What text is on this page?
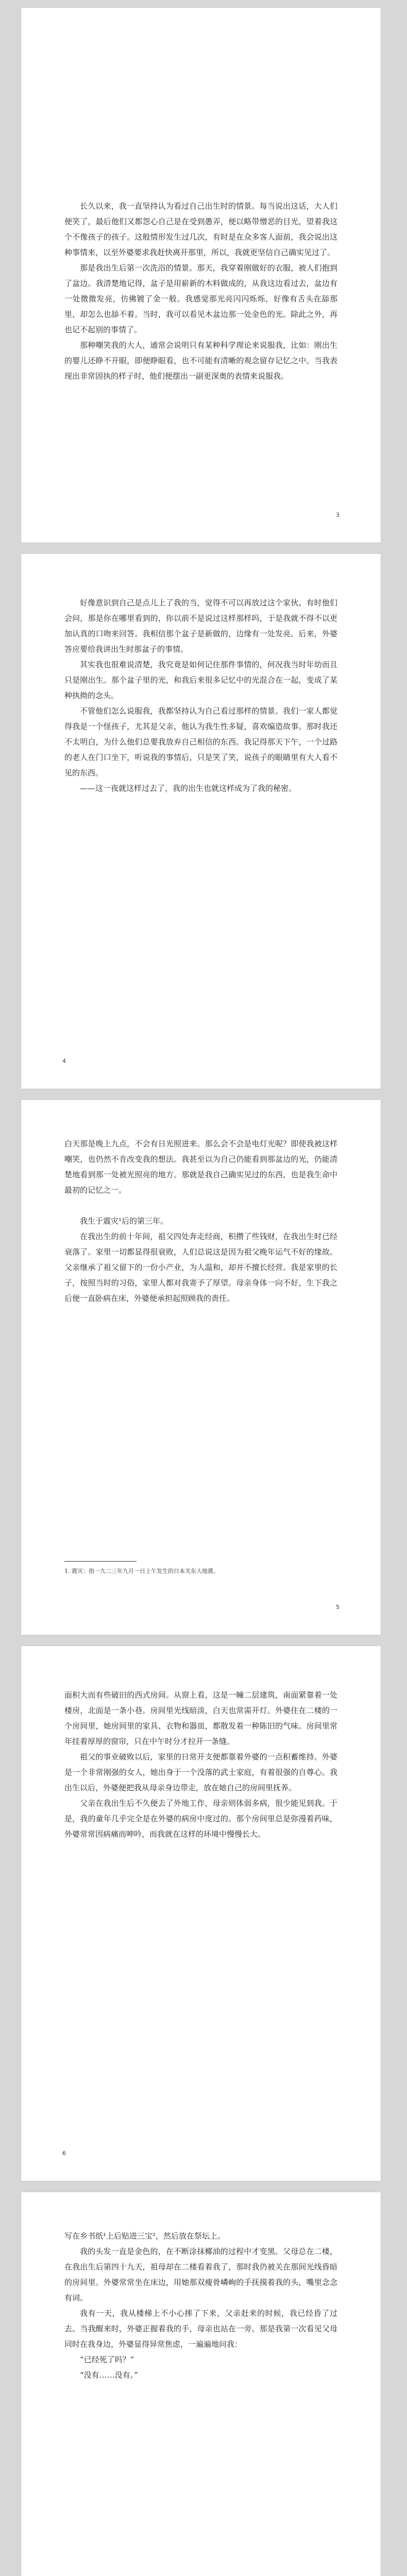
长久以来，我一直坚持认为看过自己出生时的情景。每当说出这话，大人们便笑了，最后他们又都怨心自己是在受到愚弄，便以略带憎恶的目光，望着我这个不像孩子的孩子。这般情形发生过几次，有时是在众多客人面前，我会说出这种事情来，以至外婆要求我赶快离开那里，所以，我就更坚信自己确实见过了。

那是我出生后第一次洗浴的情景。那天，我穿着刚做好的衣服，被人们抱到了盆边。我清楚地记得，盆子是用崭新的木料做成的，从我这边看过去，盆边有一处微微发亮，仿佛镀了金一般。我感觉那光亮闪闪烁烁，好像有舌头在舔那里，却怎么也舔不着。当时，我可以看见木盆边那一处金色的光。除此之外，再也记不起别的事情了。

那种嘲笑我的大人，通常会说明只有某种科学理论来说服我，比如：刚出生的婴儿还睁不开眼，即便睁眼看，也不可能有清晰的观念留存记忆之中。当我表现出非常固执的样子时，他们便摆出一副更深奥的表情来说服我。

3

好像意识到自己是点儿上了我的当，觉得不可以再放过这个家伙。有时他们会问，那是你在哪里看到的，你以前不是说过这样那样吗，于是我就不得不以更加认真的口吻来回答。我相信那个盆子是新做的，边缘有一处发亮。后来，外婆答应要给我讲出生时那盆子的事情。

其实我也很难说清楚，我究竟是如何记住那件事情的，何况我当时年幼而且只是刚出生。那个盆子里的光，和我后来很多记忆中的光混合在一起，变成了某种执拗的念头。

不管他们怎么说服我，我都坚持认为自己看过那样的情景。我们一家人都觉得我是一个怪孩子，尤其是父亲，他认为我生性多疑，喜欢编造故事。那时我还不太明白，为什么他们总要我放弃自己相信的东西。我记得那天下午，一个过路的老人在门口坐下，听说我的事情后，只是笑了笑，说孩子的眼睛里有大人看不见的东西。

——这一夜就这样过去了，我的出生也就这样成为了我的秘密。

4

白天那是晚上九点，不会有日光照进来。那么会不会是电灯光呢？即使我被这样嘲笑，也仍然不肯改变我的想法。我甚至以为自己仍能看到那盆边的光，仍能清楚地看到那一处被光照亮的地方。那就是我自己确实见过的东西，也是我生命中最初的记忆之一。

我生于震灾¹后的第三年。

在我出生的前十年间，祖父四处奔走经商，积攒了些钱财，在我出生时已经衰落了。家里一切都显得很衰败，人们总说这是因为祖父晚年运气不好的缘故。父亲继承了祖父留下的一份小产业，为人温和，却并不擅长经营。我是家里的长子，按照当时的习俗，家里人都对我寄予了厚望。母亲身体一向不好，生下我之后便一直卧病在床，外婆便承担起照顾我的责任。

1. 震灾：指一九二三年九月一日上午发生的日本关东大地震。

5

面积大而有些破旧的西式房间。从窗上看，这是一幢二层建筑，南面紧靠着一处楼房，北面是一条小巷。房间里光线暗淡，白天也常需开灯。外婆住在二楼的一个房间里，她房间里的家具、衣物和器皿，都散发着一种陈旧的气味。房间里常年挂着厚厚的窗帘，只在中午时分才拉开一条缝。

祖父的事业破败以后，家里的日常开支便都靠着外婆的一点积蓄维持。外婆是一个非常刚强的女人，她出身于一个没落的武士家庭，有着很强的自尊心。我出生以后，外婆便把我从母亲身边带走，放在她自己的房间里抚养。

父亲在我出生后不久便去了外地工作，母亲则体弱多病，很少能见到我。于是，我的童年几乎完全是在外婆的病房中度过的。那个房间里总是弥漫着药味，外婆常常因病痛而呻吟，而我就在这样的环境中慢慢长大。

6

写在乡书纸¹上后贴进三宝²，然后放在祭坛上。

我的头发一直是金色的，在不断涂抹椰油的过程中才变黑。父母总在二楼，在我出生后第四十九天，祖母却在二楼看着我了，那时我仍被关在那间光线昏暗的房间里。外婆常常坐在床边，用她那双瘦骨嶙峋的手抚摸着我的头，嘴里念念有词。

我有一天，我从楼梯上不小心摔了下来，父亲赶来的时候，我已经昏了过去。当我醒来时，外婆正握着我的手，母亲也站在一旁。那是我第一次看见父母同时在我身边，外婆显得异常焦虑，一遍遍地问我：

“已经死了吗？”

“没有……没有。”
